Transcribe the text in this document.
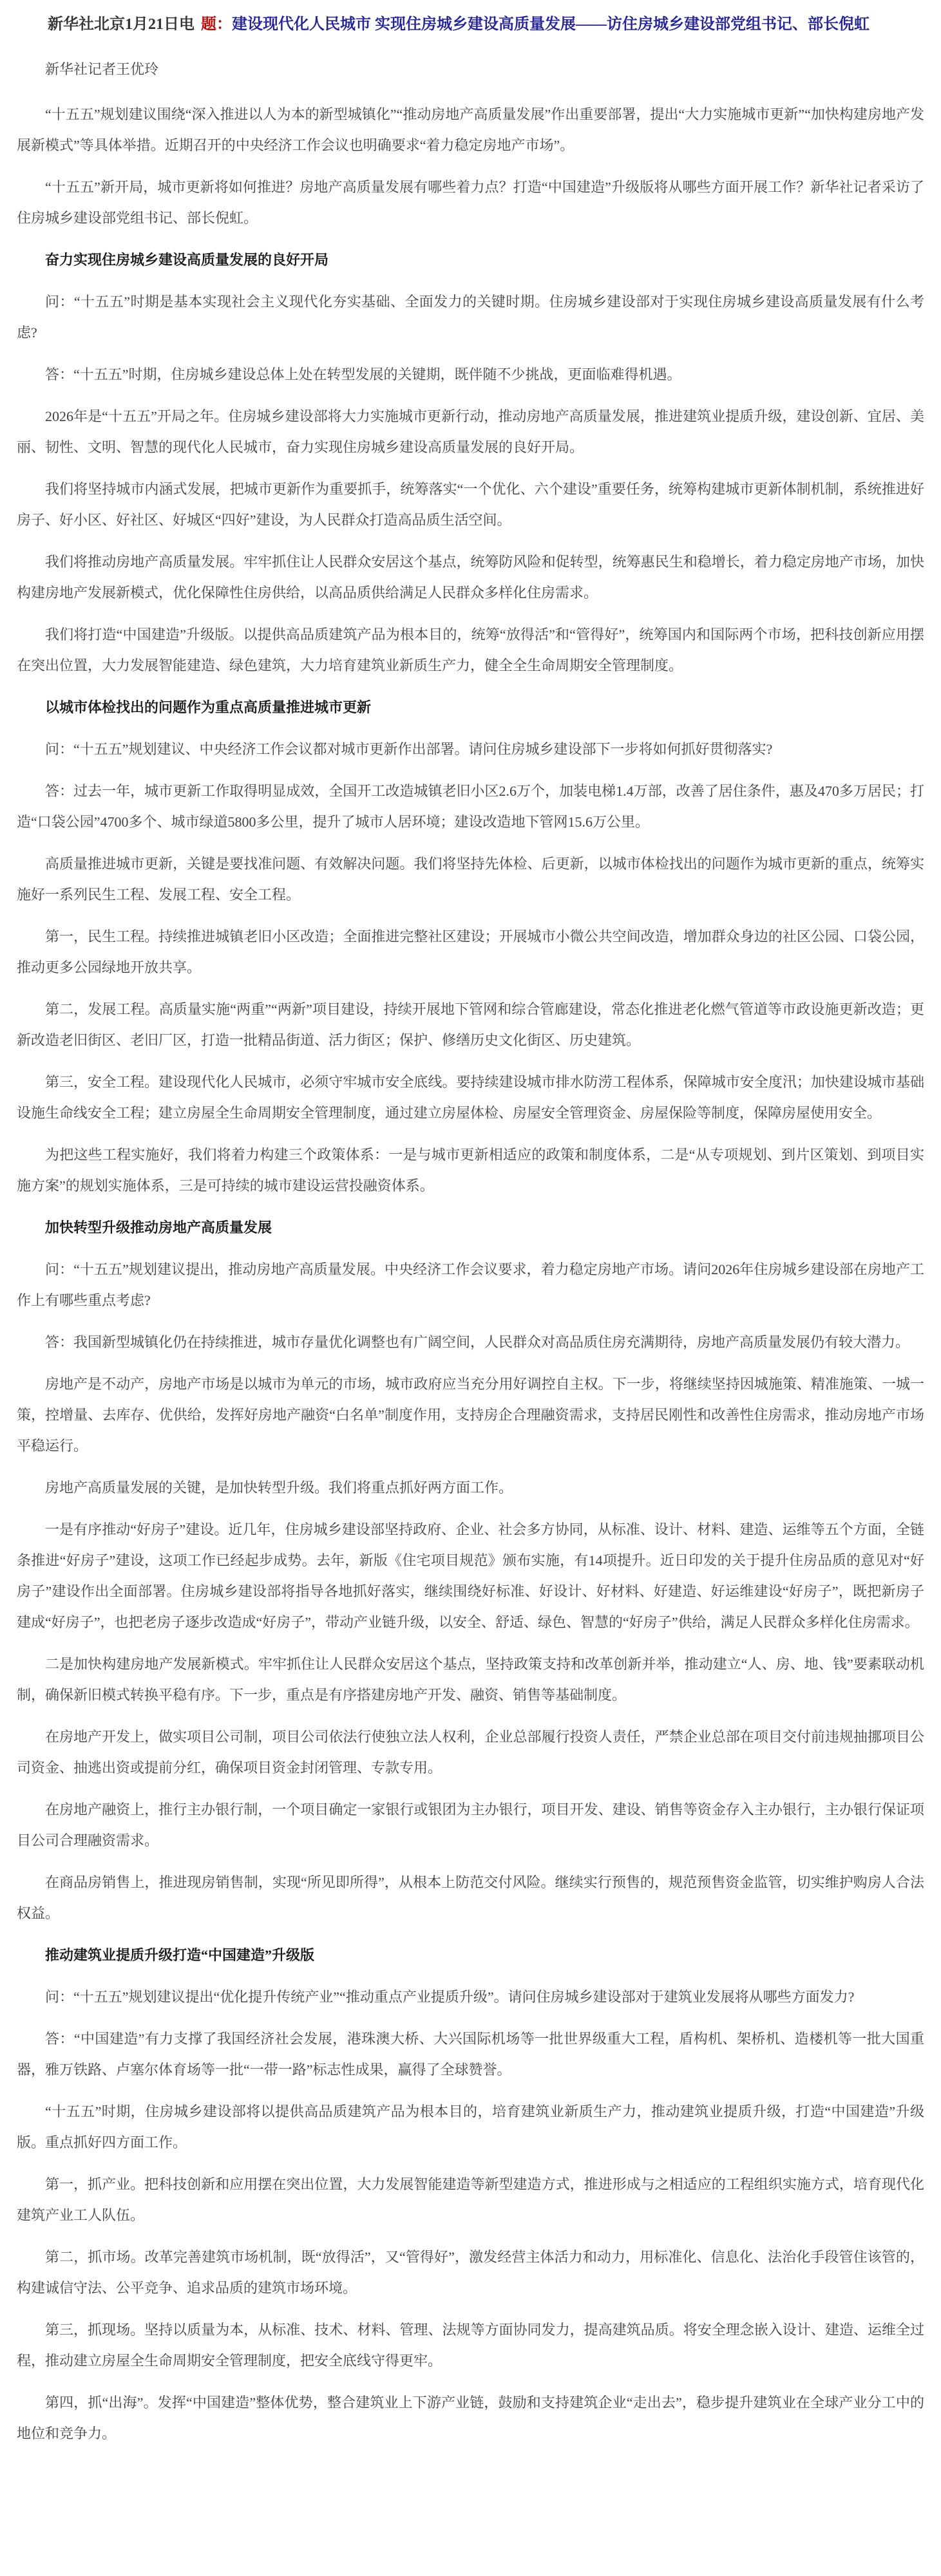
新华社北京1月21日电 题：建设现代化人民城市 实现住房城乡建设高质量发展——访住房城乡建设部党组书记、部长倪虹

新华社记者王优玲

“十五五”规划建议围绕“深入推进以人为本的新型城镇化”“推动房地产高质量发展”作出重要部署，提出“大力实施城市更新”“加快构建房地产发展新模式”等具体举措。近期召开的中央经济工作会议也明确要求“着力稳定房地产市场”。

“十五五”新开局，城市更新将如何推进？房地产高质量发展有哪些着力点？打造“中国建造”升级版将从哪些方面开展工作？新华社记者采访了住房城乡建设部党组书记、部长倪虹。

奋力实现住房城乡建设高质量发展的良好开局

问：“十五五”时期是基本实现社会主义现代化夯实基础、全面发力的关键时期。住房城乡建设部对于实现住房城乡建设高质量发展有什么考虑?

答：“十五五”时期，住房城乡建设总体上处在转型发展的关键期，既伴随不少挑战，更面临难得机遇。

2026年是“十五五”开局之年。住房城乡建设部将大力实施城市更新行动，推动房地产高质量发展，推进建筑业提质升级，建设创新、宜居、美丽、韧性、文明、智慧的现代化人民城市，奋力实现住房城乡建设高质量发展的良好开局。

我们将坚持城市内涵式发展，把城市更新作为重要抓手，统筹落实“一个优化、六个建设”重要任务，统筹构建城市更新体制机制，系统推进好房子、好小区、好社区、好城区“四好”建设，为人民群众打造高品质生活空间。

我们将推动房地产高质量发展。牢牢抓住让人民群众安居这个基点，统筹防风险和促转型，统筹惠民生和稳增长，着力稳定房地产市场，加快构建房地产发展新模式，优化保障性住房供给，以高品质供给满足人民群众多样化住房需求。

我们将打造“中国建造”升级版。以提供高品质建筑产品为根本目的，统筹“放得活”和“管得好”，统筹国内和国际两个市场，把科技创新应用摆在突出位置，大力发展智能建造、绿色建筑，大力培育建筑业新质生产力，健全全生命周期安全管理制度。

以城市体检找出的问题作为重点高质量推进城市更新

问：“十五五”规划建议、中央经济工作会议都对城市更新作出部署。请问住房城乡建设部下一步将如何抓好贯彻落实?

答：过去一年，城市更新工作取得明显成效，全国开工改造城镇老旧小区2.6万个，加装电梯1.4万部，改善了居住条件，惠及470多万居民；打造“口袋公园”4700多个、城市绿道5800多公里，提升了城市人居环境；建设改造地下管网15.6万公里。

高质量推进城市更新，关键是要找准问题、有效解决问题。我们将坚持先体检、后更新，以城市体检找出的问题作为城市更新的重点，统筹实施好一系列民生工程、发展工程、安全工程。

第一，民生工程。持续推进城镇老旧小区改造；全面推进完整社区建设；开展城市小微公共空间改造，增加群众身边的社区公园、口袋公园，推动更多公园绿地开放共享。

第二，发展工程。高质量实施“两重”“两新”项目建设，持续开展地下管网和综合管廊建设，常态化推进老化燃气管道等市政设施更新改造；更新改造老旧街区、老旧厂区，打造一批精品街道、活力街区；保护、修缮历史文化街区、历史建筑。

第三，安全工程。建设现代化人民城市，必须守牢城市安全底线。要持续建设城市排水防涝工程体系，保障城市安全度汛；加快建设城市基础设施生命线安全工程；建立房屋全生命周期安全管理制度，通过建立房屋体检、房屋安全管理资金、房屋保险等制度，保障房屋使用安全。

为把这些工程实施好，我们将着力构建三个政策体系：一是与城市更新相适应的政策和制度体系，二是“从专项规划、到片区策划、到项目实施方案”的规划实施体系，三是可持续的城市建设运营投融资体系。

加快转型升级推动房地产高质量发展

问：“十五五”规划建议提出，推动房地产高质量发展。中央经济工作会议要求，着力稳定房地产市场。请问2026年住房城乡建设部在房地产工作上有哪些重点考虑?

答：我国新型城镇化仍在持续推进，城市存量优化调整也有广阔空间，人民群众对高品质住房充满期待，房地产高质量发展仍有较大潜力。

房地产是不动产，房地产市场是以城市为单元的市场，城市政府应当充分用好调控自主权。下一步，将继续坚持因城施策、精准施策、一城一策，控增量、去库存、优供给，发挥好房地产融资“白名单”制度作用，支持房企合理融资需求，支持居民刚性和改善性住房需求，推动房地产市场平稳运行。

房地产高质量发展的关键，是加快转型升级。我们将重点抓好两方面工作。

一是有序推动“好房子”建设。近几年，住房城乡建设部坚持政府、企业、社会多方协同，从标准、设计、材料、建造、运维等五个方面，全链条推进“好房子”建设，这项工作已经起步成势。去年，新版《住宅项目规范》颁布实施，有14项提升。近日印发的关于提升住房品质的意见对“好房子”建设作出全面部署。住房城乡建设部将指导各地抓好落实，继续围绕好标准、好设计、好材料、好建造、好运维建设“好房子”，既把新房子建成“好房子”，也把老房子逐步改造成“好房子”，带动产业链升级，以安全、舒适、绿色、智慧的“好房子”供给，满足人民群众多样化住房需求。

二是加快构建房地产发展新模式。牢牢抓住让人民群众安居这个基点，坚持政策支持和改革创新并举，推动建立“人、房、地、钱”要素联动机制，确保新旧模式转换平稳有序。下一步，重点是有序搭建房地产开发、融资、销售等基础制度。

在房地产开发上，做实项目公司制，项目公司依法行使独立法人权利，企业总部履行投资人责任，严禁企业总部在项目交付前违规抽挪项目公司资金、抽逃出资或提前分红，确保项目资金封闭管理、专款专用。

在房地产融资上，推行主办银行制，一个项目确定一家银行或银团为主办银行，项目开发、建设、销售等资金存入主办银行，主办银行保证项目公司合理融资需求。

在商品房销售上，推进现房销售制，实现“所见即所得”，从根本上防范交付风险。继续实行预售的，规范预售资金监管，切实维护购房人合法权益。

推动建筑业提质升级打造“中国建造”升级版

问：“十五五”规划建议提出“优化提升传统产业”“推动重点产业提质升级”。请问住房城乡建设部对于建筑业发展将从哪些方面发力?

答：“中国建造”有力支撑了我国经济社会发展，港珠澳大桥、大兴国际机场等一批世界级重大工程，盾构机、架桥机、造楼机等一批大国重器，雅万铁路、卢塞尔体育场等一批“一带一路”标志性成果，赢得了全球赞誉。

“十五五”时期，住房城乡建设部将以提供高品质建筑产品为根本目的，培育建筑业新质生产力，推动建筑业提质升级，打造“中国建造”升级版。重点抓好四方面工作。

第一，抓产业。把科技创新和应用摆在突出位置，大力发展智能建造等新型建造方式，推进形成与之相适应的工程组织实施方式，培育现代化建筑产业工人队伍。

第二，抓市场。改革完善建筑市场机制，既“放得活”，又“管得好”，激发经营主体活力和动力，用标准化、信息化、法治化手段管住该管的，构建诚信守法、公平竞争、追求品质的建筑市场环境。

第三，抓现场。坚持以质量为本，从标准、技术、材料、管理、法规等方面协同发力，提高建筑品质。将安全理念嵌入设计、建造、运维全过程，推动建立房屋全生命周期安全管理制度，把安全底线守得更牢。

第四，抓“出海”。发挥“中国建造”整体优势，整合建筑业上下游产业链，鼓励和支持建筑企业“走出去”，稳步提升建筑业在全球产业分工中的地位和竞争力。
